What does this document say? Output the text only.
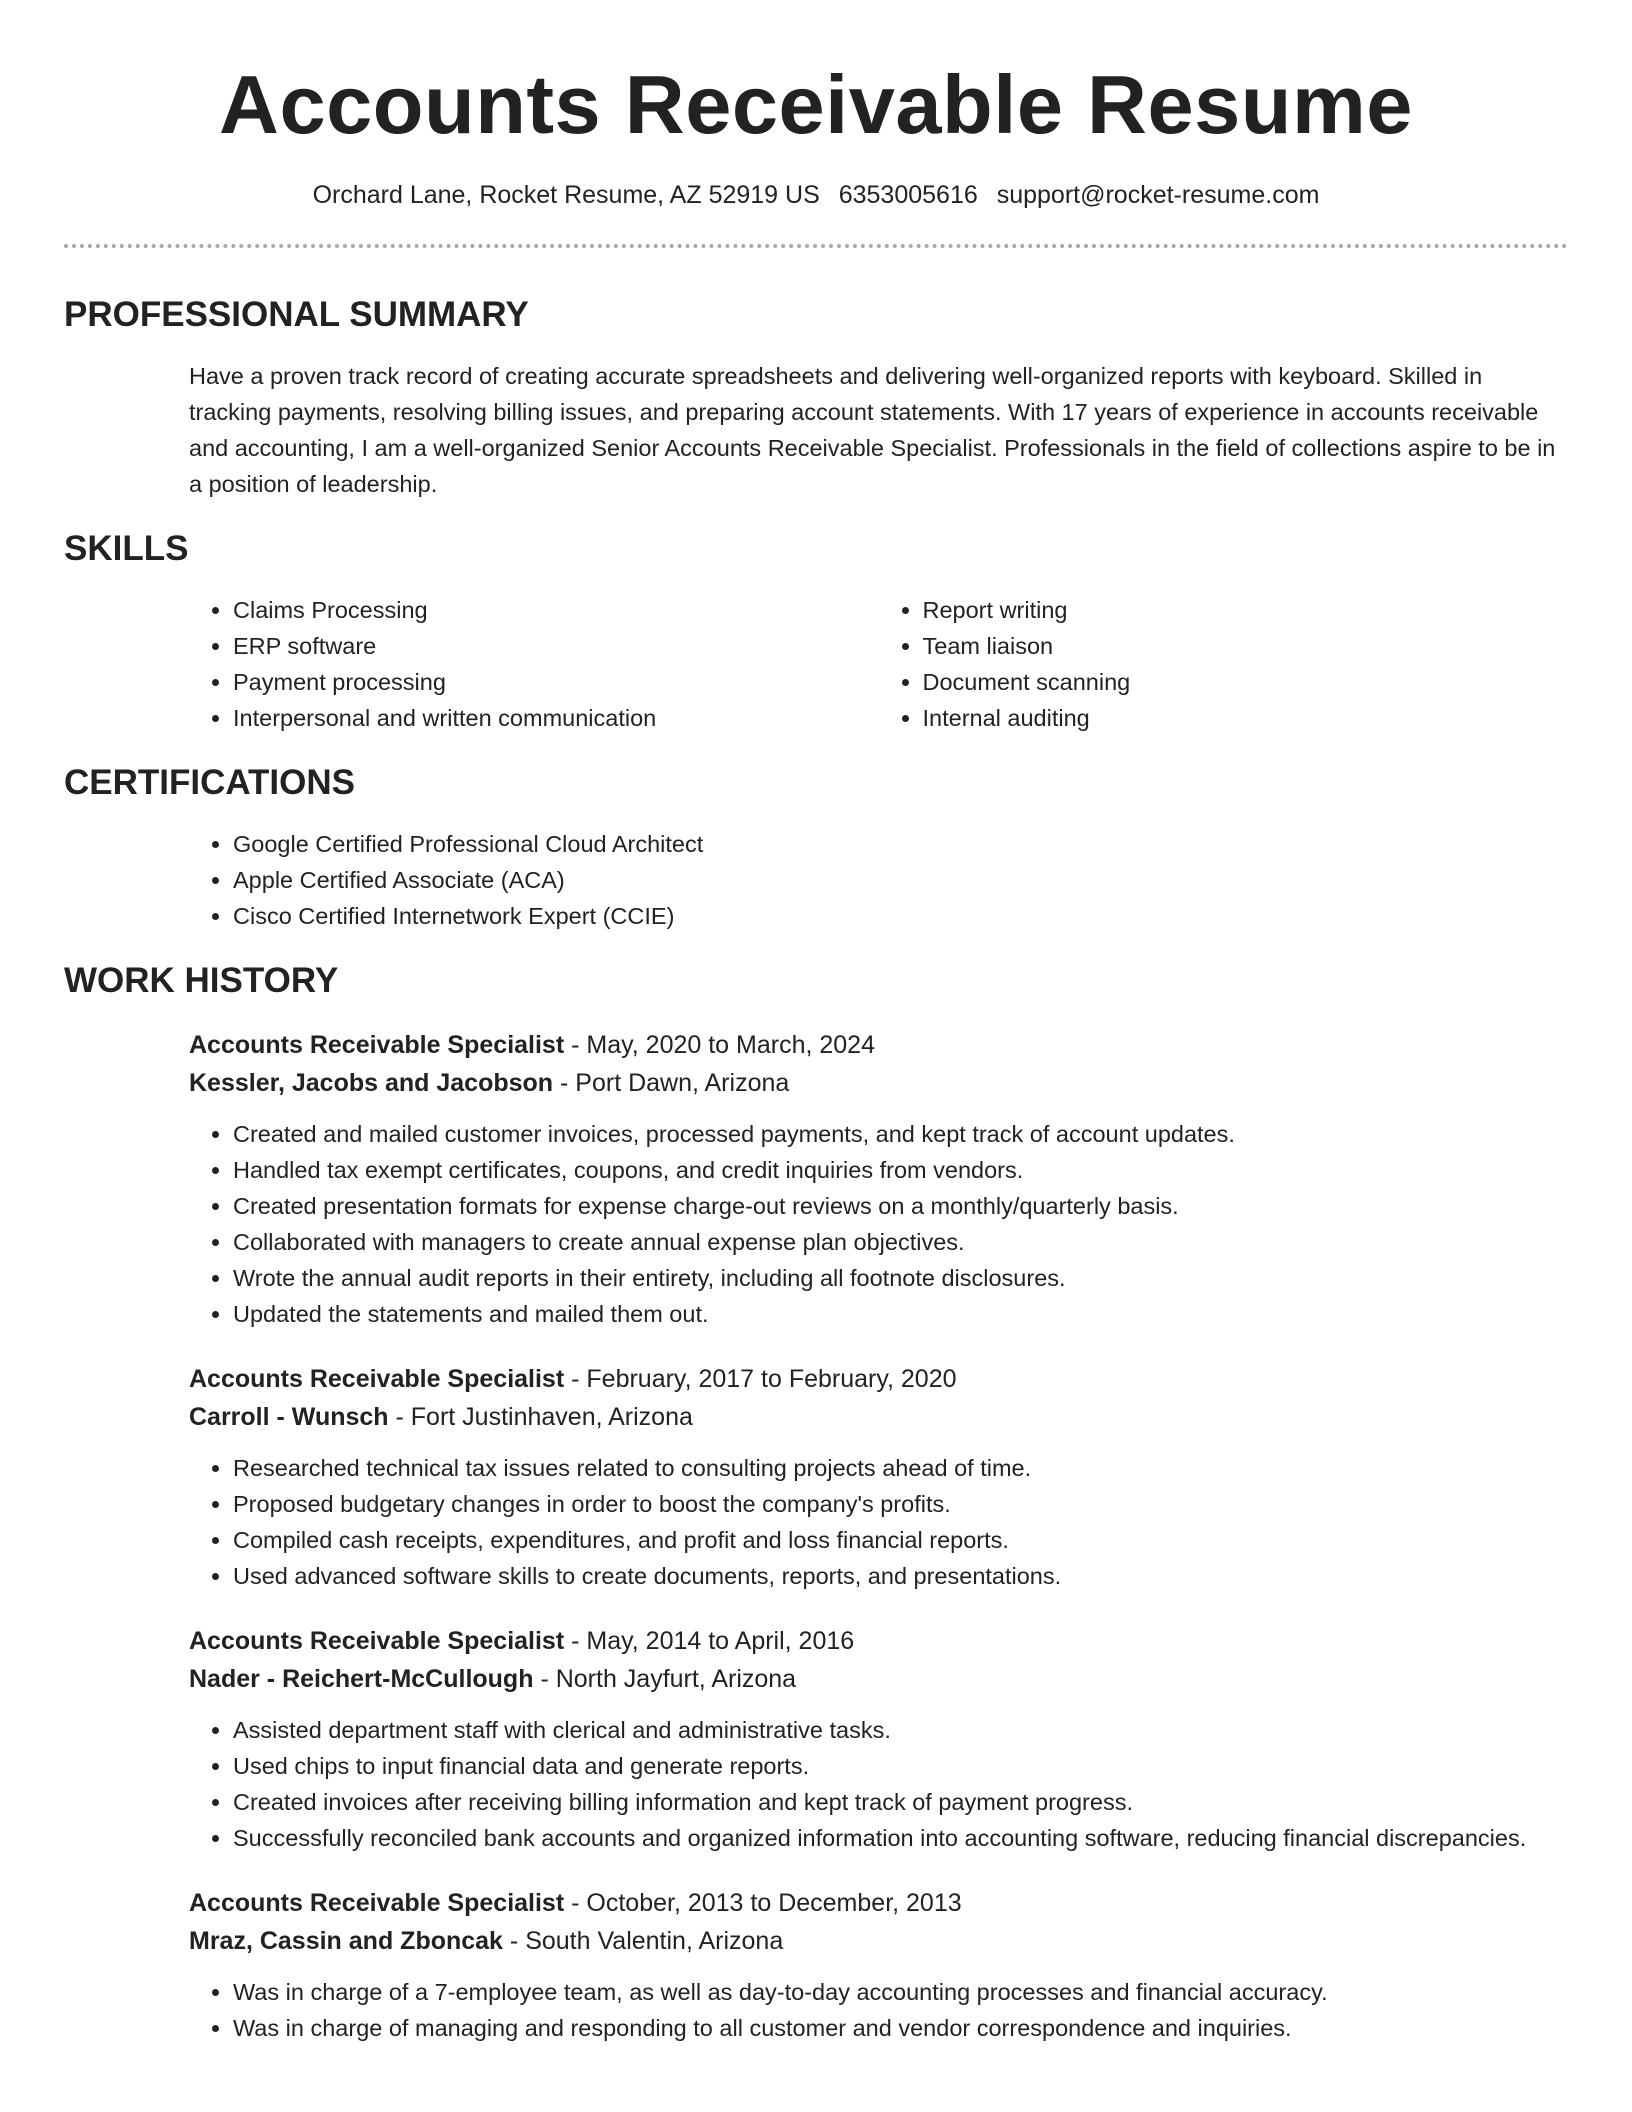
Accounts Receivable Resume
Orchard Lane, Rocket Resume, AZ 52919 US 6353005616 support@rocket-resume.com
PROFESSIONAL SUMMARY

Have a proven track record of creating accurate spreadsheets and delivering well-organized reports with keyboard. Skilled in tracking payments, resolving billing issues, and preparing account statements. With 17 years of experience in accounts receivable and accounting, I am a well-organized Senior Accounts Receivable Specialist. Professionals in the field of collections aspire to be in a position of leadership.

SKILLS
• Claims Processing
• ERP software
• Payment processing
• Interpersonal and written communication
• Report writing
• Team liaison
• Document scanning
• Internal auditing
CERTIFICATIONS
• Google Certified Professional Cloud Architect
• Apple Certified Associate (ACA)
• Cisco Certified Internetwork Expert (CCIE)
WORK HISTORY

Accounts Receivable Specialist - May, 2020 to March, 2024

Kessler, Jacobs and Jacobson - Port Dawn, Arizona

• Created and mailed customer invoices, processed payments, and kept track of account updates.
• Handled tax exempt certificates, coupons, and credit inquiries from vendors.
• Created presentation formats for expense charge-out reviews on a monthly/quarterly basis.
• Collaborated with managers to create annual expense plan objectives.
• Wrote the annual audit reports in their entirety, including all footnote disclosures.
• Updated the statements and mailed them out.

Accounts Receivable Specialist - February, 2017 to February, 2020

Carroll - Wunsch - Fort Justinhaven, Arizona

• Researched technical tax issues related to consulting projects ahead of time.
• Proposed budgetary changes in order to boost the company's profits.
• Compiled cash receipts, expenditures, and profit and loss financial reports.
• Used advanced software skills to create documents, reports, and presentations.

Accounts Receivable Specialist - May, 2014 to April, 2016

Nader - Reichert-McCullough - North Jayfurt, Arizona

• Assisted department staff with clerical and administrative tasks.
• Used chips to input financial data and generate reports.
• Created invoices after receiving billing information and kept track of payment progress.
• Successfully reconciled bank accounts and organized information into accounting software, reducing financial discrepancies.

Accounts Receivable Specialist - October, 2013 to December, 2013

Mraz, Cassin and Zboncak - South Valentin, Arizona

• Was in charge of a 7-employee team, as well as day-to-day accounting processes and financial accuracy.
• Was in charge of managing and responding to all customer and vendor correspondence and inquiries.
